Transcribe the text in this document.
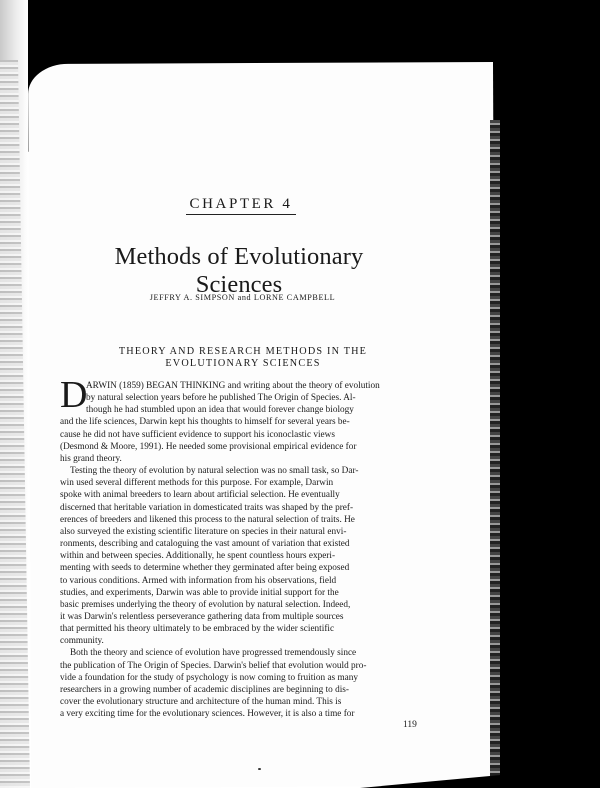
CHAPTER 4
Methods of Evolutionary Sciences
JEFFRY A. SIMPSON and LORNE CAMPBELL
THEORY AND RESEARCH METHODS IN THE
EVOLUTIONARY SCIENCES
D
ARWIN (1859) BEGAN THINKING and writing about the theory of evolution
by natural selection years before he published The Origin of Species. Al-
though he had stumbled upon an idea that would forever change biology
and the life sciences, Darwin kept his thoughts to himself for several years be-
cause he did not have sufficient evidence to support his iconoclastic views
(Desmond & Moore, 1991). He needed some provisional empirical evidence for
his grand theory.
Testing the theory of evolution by natural selection was no small task, so Dar-
win used several different methods for this purpose. For example, Darwin
spoke with animal breeders to learn about artificial selection. He eventually
discerned that heritable variation in domesticated traits was shaped by the pref-
erences of breeders and likened this process to the natural selection of traits. He
also surveyed the existing scientific literature on species in their natural envi-
ronments, describing and cataloguing the vast amount of variation that existed
within and between species. Additionally, he spent countless hours experi-
menting with seeds to determine whether they germinated after being exposed
to various conditions. Armed with information from his observations, field
studies, and experiments, Darwin was able to provide initial support for the
basic premises underlying the theory of evolution by natural selection. Indeed,
it was Darwin's relentless perseverance gathering data from multiple sources
that permitted his theory ultimately to be embraced by the wider scientific
community.
Both the theory and science of evolution have progressed tremendously since
the publication of The Origin of Species. Darwin's belief that evolution would pro-
vide a foundation for the study of psychology is now coming to fruition as many
researchers in a growing number of academic disciplines are beginning to dis-
cover the evolutionary structure and architecture of the human mind. This is
a very exciting time for the evolutionary sciences. However, it is also a time for
119
